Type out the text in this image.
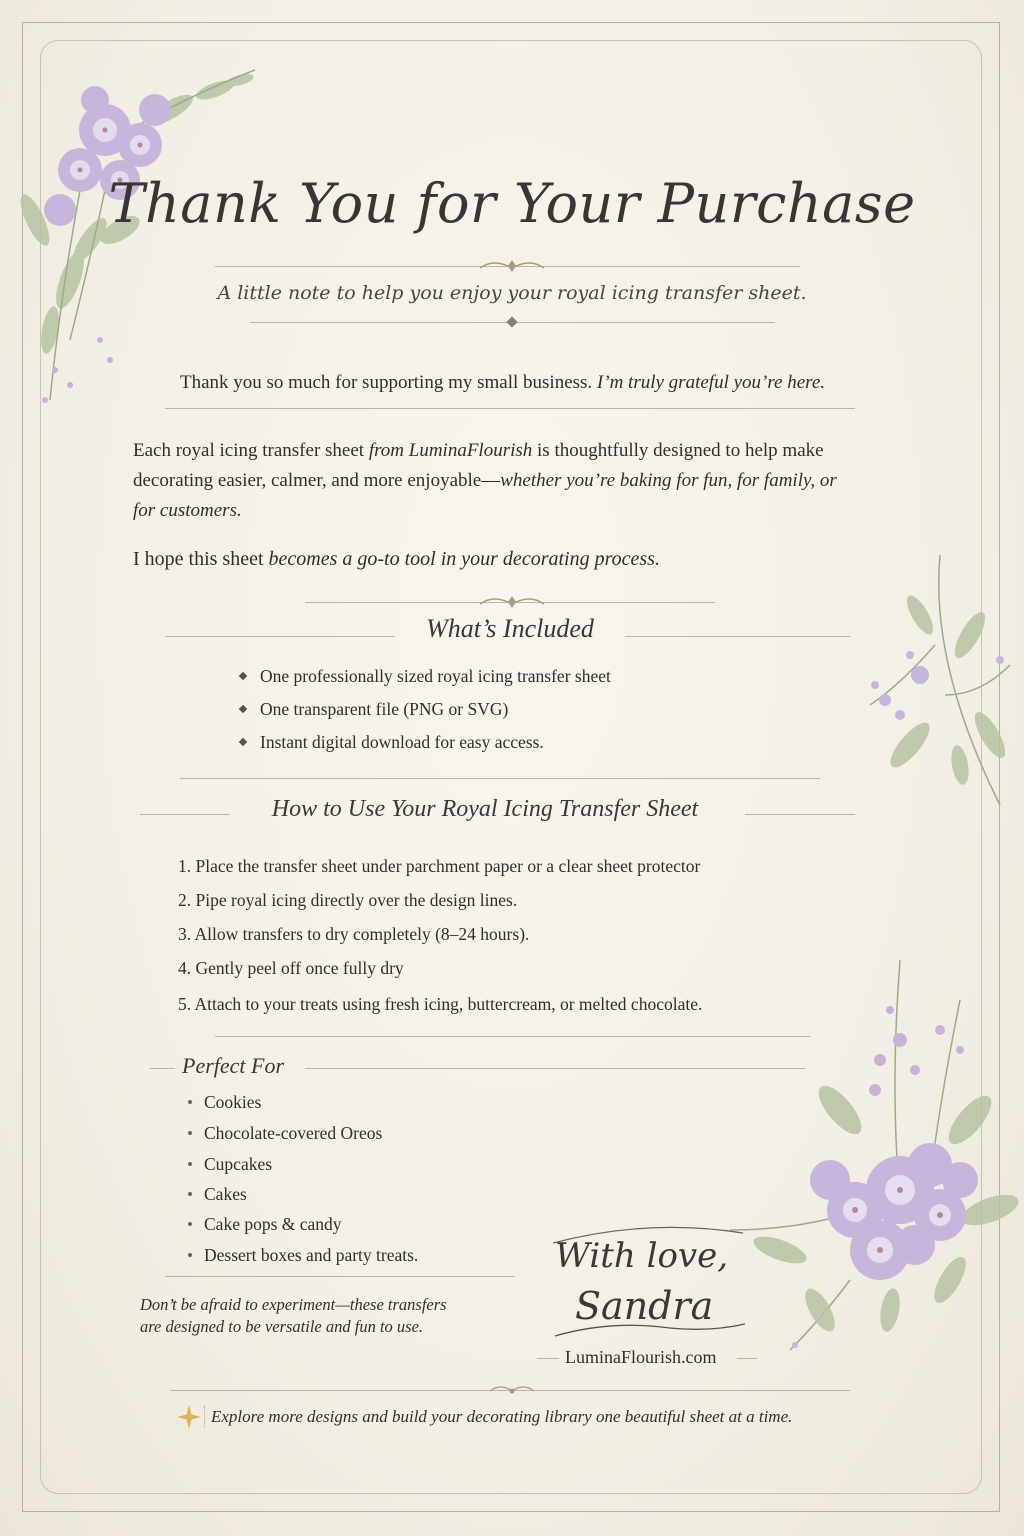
Thank You for Your Purchase
A little note to help you enjoy your royal icing transfer sheet.
Thank you so much for supporting my small business. I’m truly grateful you’re here.
Each royal icing transfer sheet from LuminaFlourish is thoughtfully designed to help make
decorating easier, calmer, and more enjoyable—whether you’re baking for fun, for family, or
for customers.
I hope this sheet becomes a go-to tool in your decorating process.
What’s Included
One professionally sized royal icing transfer sheet
One transparent file (PNG or SVG)
Instant digital download for easy access.
How to Use Your Royal Icing Transfer Sheet
1. Place the transfer sheet under parchment paper or a clear sheet protector
2. Pipe royal icing directly over the design lines.
3. Allow transfers to dry completely (8–24 hours).
4. Gently peel off once fully dry
5. Attach to your treats using fresh icing, buttercream, or melted chocolate.
Perfect For
Cookies
Chocolate-covered Oreos
Cupcakes
Cakes
Cake pops & candy
Dessert boxes and party treats.
Don’t be afraid to experiment—these transfers
are designed to be versatile and fun to use.
With love,
Sandra
LuminaFlourish.com
Explore more designs and build your decorating library one beautiful sheet at a time.
